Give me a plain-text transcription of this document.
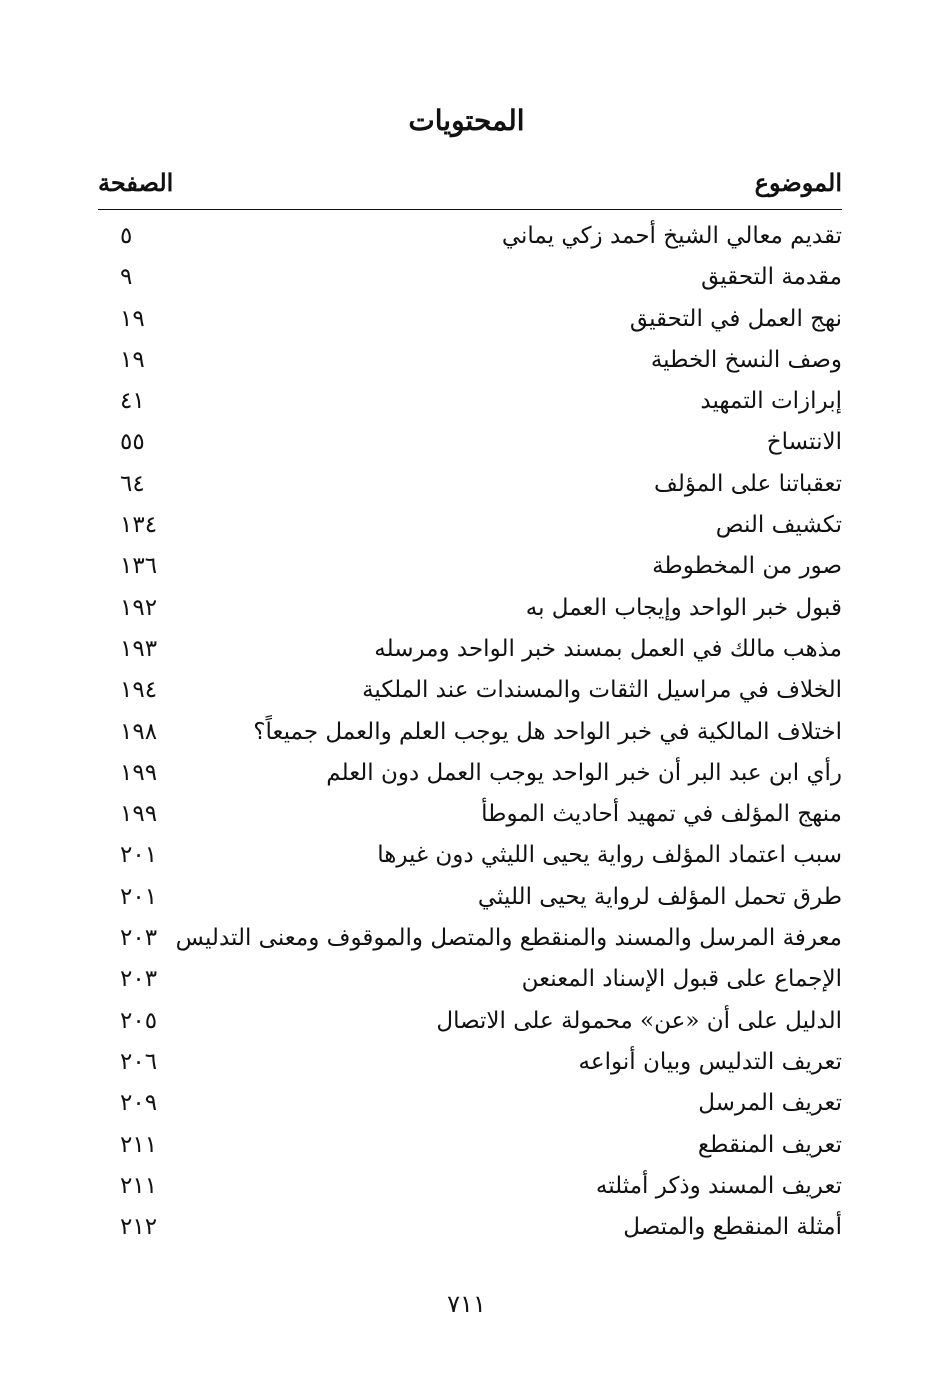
المحتويات
الموضوع
الصفحة
تقديم معالي الشيخ أحمد زكي يماني
٥
مقدمة التحقيق
٩
نهج العمل في التحقيق
١٩
وصف النسخ الخطية
١٩
إبرازات التمهيد
٤١
الانتساخ
٥٥
تعقباتنا على المؤلف
٦٤
تكشيف النص
١٣٤
صور من المخطوطة
١٣٦
قبول خبر الواحد وإيجاب العمل به
١٩٢
مذهب مالك في العمل بمسند خبر الواحد ومرسله
١٩٣
الخلاف في مراسيل الثقات والمسندات عند الملكية
١٩٤
اختلاف المالكية في خبر الواحد هل يوجب العلم والعمل جميعاً؟
١٩٨
رأي ابن عبد البر أن خبر الواحد يوجب العمل دون العلم
١٩٩
منهج المؤلف في تمهيد أحاديث الموطأ
١٩٩
سبب اعتماد المؤلف رواية يحيى الليثي دون غيرها
٢٠١
طرق تحمل المؤلف لرواية يحيى الليثي
٢٠١
معرفة المرسل والمسند والمنقطع والمتصل والموقوف ومعنى التدليس
٢٠٣
الإجماع على قبول الإسناد المعنعن
٢٠٣
الدليل على أن «عن» محمولة على الاتصال
٢٠٥
تعريف التدليس وبيان أنواعه
٢٠٦
تعريف المرسل
٢٠٩
تعريف المنقطع
٢١١
تعريف المسند وذكر أمثلته
٢١١
أمثلة المنقطع والمتصل
٢١٢
٧١١
